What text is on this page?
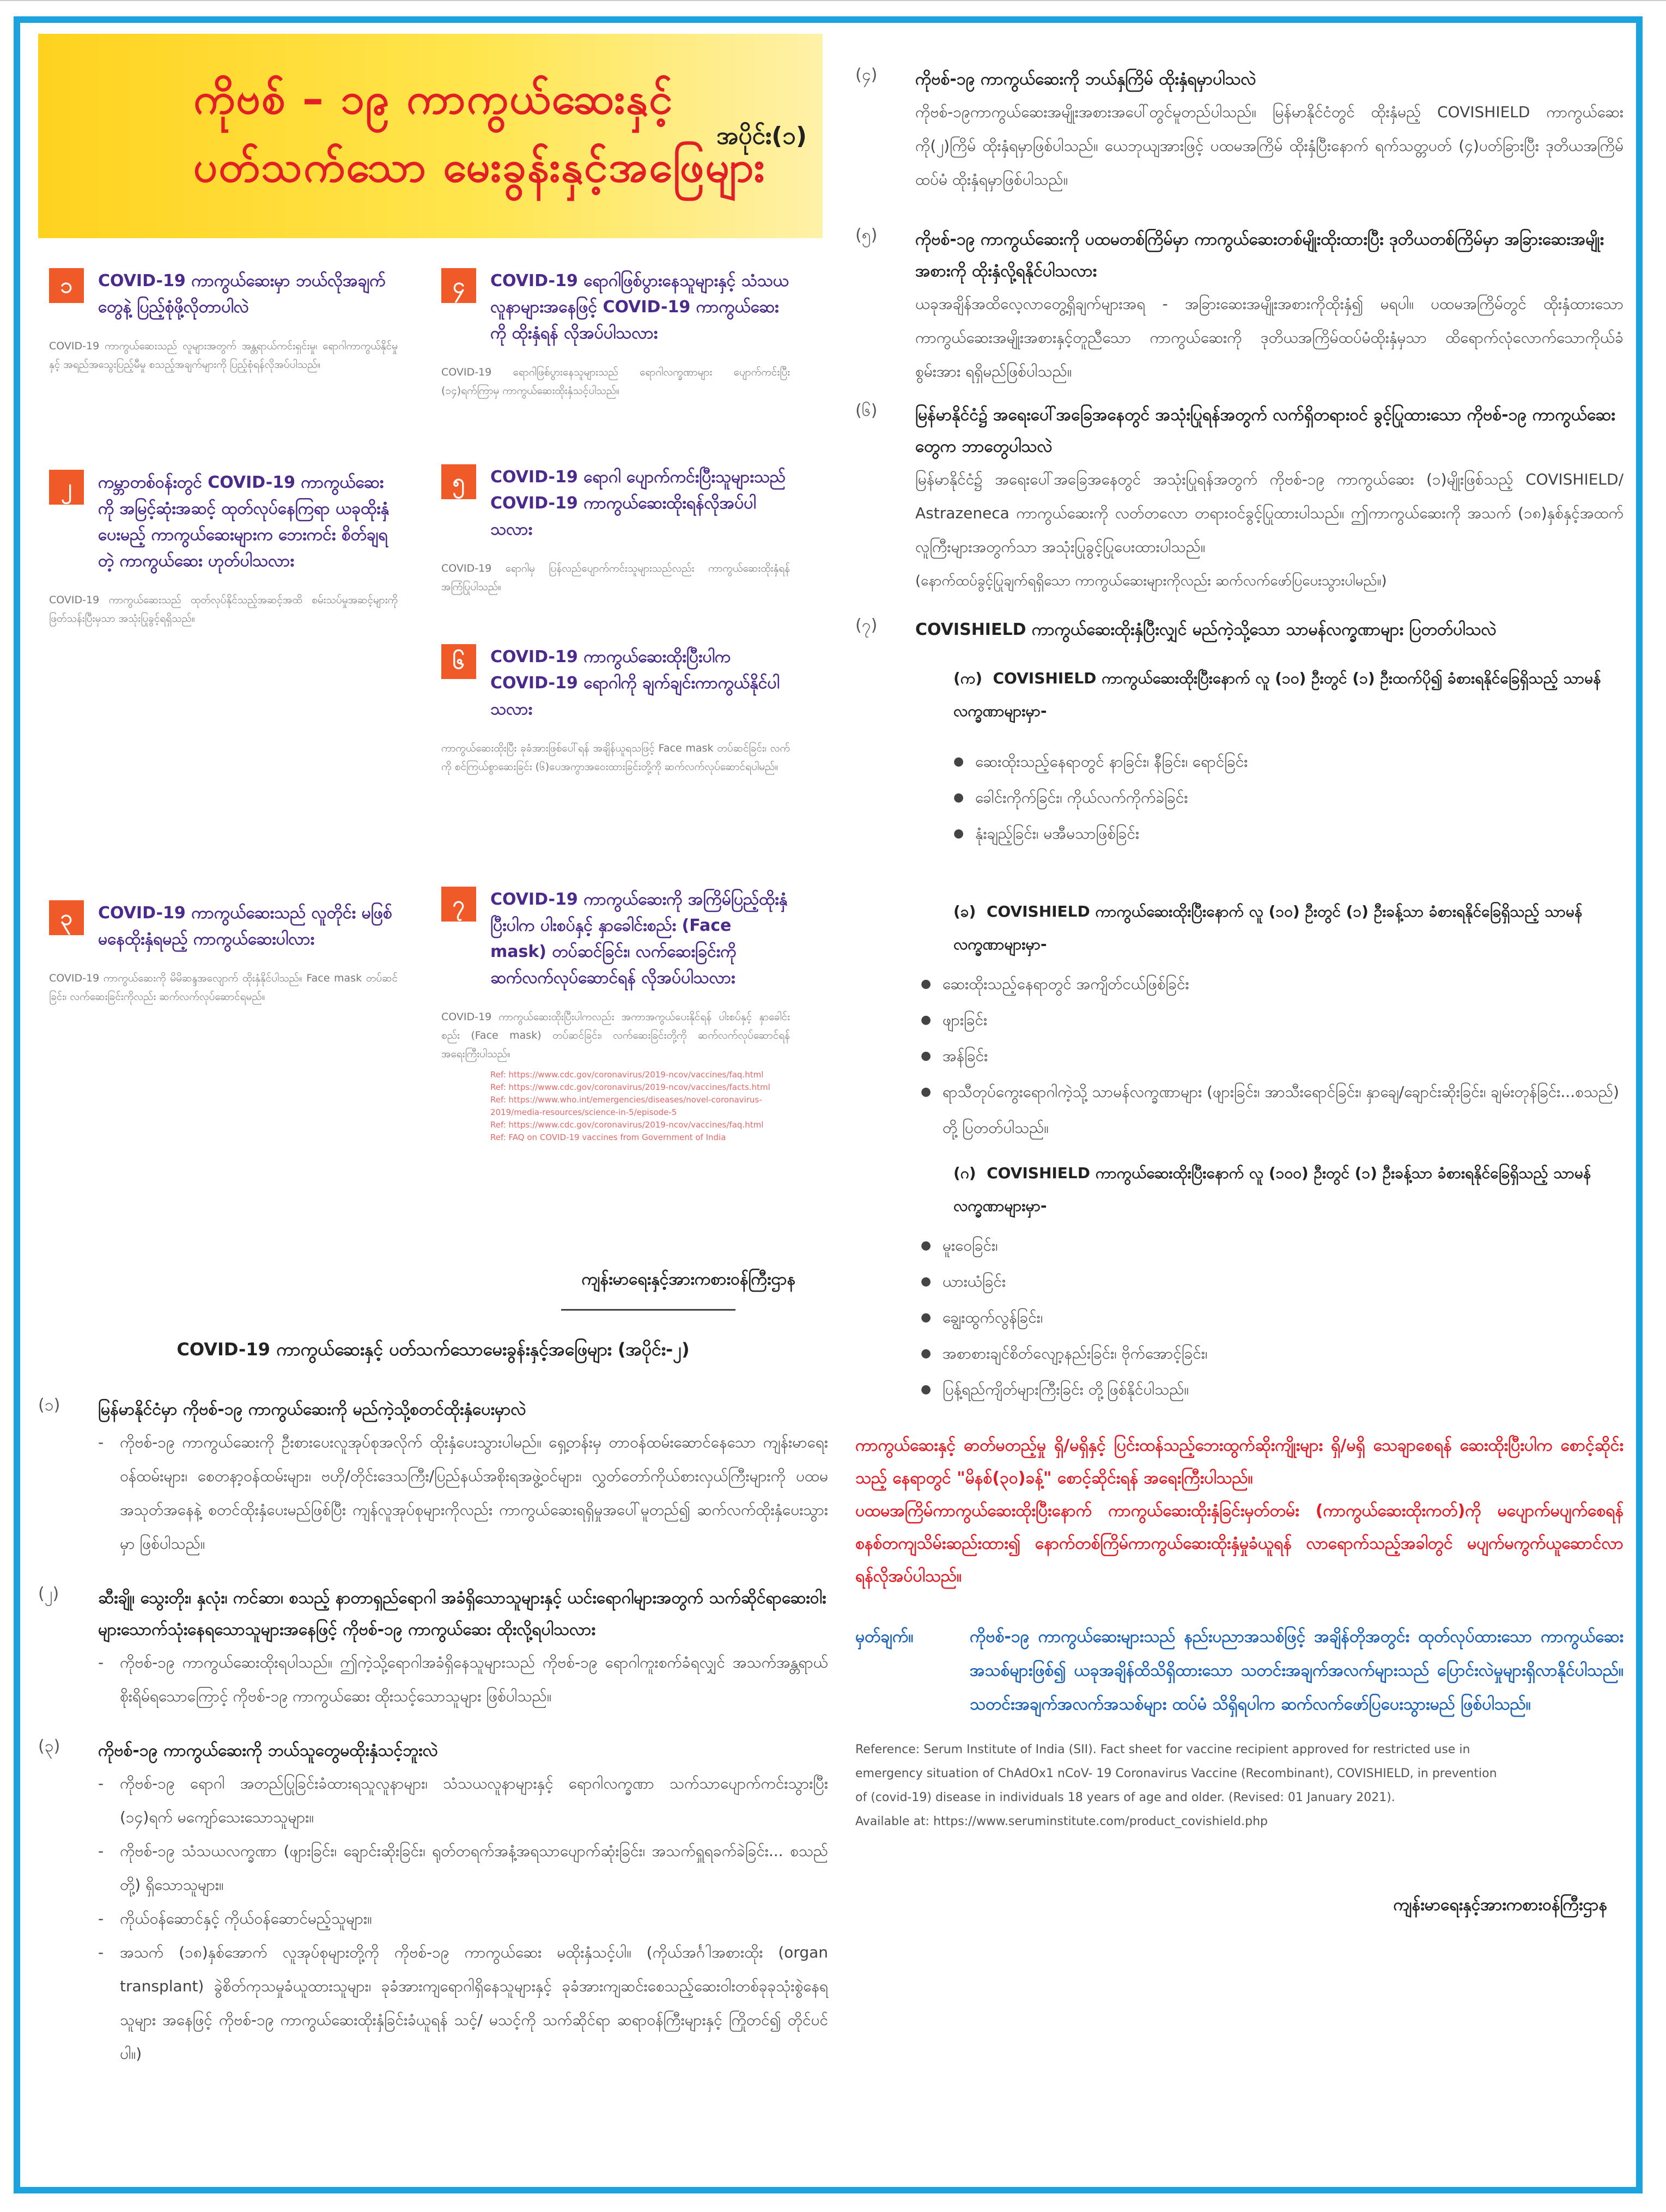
ကိုဗစ် – ၁၉ ကာကွယ်ဆေးနှင့်
ပတ်သက်သော မေးခွန်းနှင့်အဖြေများ
အပိုင်း(၁)
၁	COVID-19 ကာကွယ်ဆေးမှာ ဘယ်လိုအချက်တွေနဲ့ ပြည့်စုံဖို့လိုတာပါလဲ
COVID-19 ကာကွယ်ဆေးသည် လူများအတွက် အန္တရာယ်ကင်းရှင်းမှု၊ ရောဂါကာကွယ်နိုင်မှုနှင့် အရည်အသွေးပြည့်မီမှု စသည့်အချက်များကို ပြည့်စုံရန်လိုအပ်ပါသည်။
၂	ကမ္ဘာတစ်ဝန်းတွင် COVID-19 ကာကွယ်ဆေးကို အမြင့်ဆုံးအဆင့် ထုတ်လုပ်နေကြရာ ယခုထိုးနှံပေးမည့် ကာကွယ်ဆေးများက ဘေးကင်း စိတ်ချရတဲ့ ကာကွယ်ဆေး ဟုတ်ပါသလား
COVID-19 ကာကွယ်ဆေးသည် ထုတ်လုပ်နိုင်သည့်အဆင့်အထိ စမ်းသပ်မှုအဆင့်များကို ဖြတ်သန်းပြီးမှသာ အသုံးပြုခွင့်ရရှိသည်။
၃	COVID-19 ကာကွယ်ဆေးသည် လူတိုင်း မဖြစ်မနေထိုးနှံရမည့် ကာကွယ်ဆေးပါလား
COVID-19 ကာကွယ်ဆေးကို မိမိဆန္ဒအလျောက် ထိုးနှံနိုင်ပါသည်။ Face mask တပ်ဆင်ခြင်း၊ လက်ဆေးခြင်းကိုလည်း ဆက်လက်လုပ်ဆောင်ရမည်။
၄	COVID-19 ရောဂါဖြစ်ပွားနေသူများနှင့် သံသယ လူနာများအနေဖြင့် COVID-19 ကာကွယ်ဆေးကို ထိုးနှံရန် လိုအပ်ပါသလား
COVID-19 ရောဂါဖြစ်ပွားနေသူများသည် ရောဂါလက္ခဏာများ ပျောက်ကင်းပြီး (၁၄)ရက်ကြာမှ ကာကွယ်ဆေးထိုးနှံသင့်ပါသည်။
၅	COVID-19 ရောဂါ ပျောက်ကင်းပြီးသူများသည် COVID-19 ကာကွယ်ဆေးထိုးရန်လိုအပ်ပါသလား
COVID-19 ရောဂါမှ ပြန်လည်ပျောက်ကင်းသူများသည်လည်း ကာကွယ်ဆေးထိုးနှံရန် အကြံပြုပါသည်။
၆	COVID-19 ကာကွယ်ဆေးထိုးပြီးပါက COVID-19 ရောဂါကို ချက်ချင်းကာကွယ်နိုင်ပါသလား
ကာကွယ်ဆေးထိုးပြီး ခုခံအားဖြစ်ပေါ်ရန် အချိန်ယူရသဖြင့် Face mask တပ်ဆင်ခြင်း၊ လက်ကို စင်ကြယ်စွာဆေးခြင်း (၆)ပေအကွာအဝေးထားခြင်းတို့ကို ဆက်လက်လုပ်ဆောင်ရပါမည်။
၇	COVID-19 ကာကွယ်ဆေးကို အကြိမ်ပြည့်ထိုးနှံပြီးပါက ပါးစပ်နှင့် နှာခေါင်းစည်း (Face mask) တပ်ဆင်ခြင်း၊ လက်ဆေးခြင်းကို ဆက်လက်လုပ်ဆောင်ရန် လိုအပ်ပါသလား
COVID-19 ကာကွယ်ဆေးထိုးပြီးပါကလည်း အကာအကွယ်ပေးနိုင်ရန် ပါးစပ်နှင့် နှာခေါင်းစည်း (Face mask) တပ်ဆင်ခြင်း၊ လက်ဆေးခြင်းတို့ကို ဆက်လက်လုပ်ဆောင်ရန် အရေးကြီးပါသည်။
Ref: https://www.cdc.gov/coronavirus/2019-ncov/vaccines/faq.html
Ref: https://www.cdc.gov/coronavirus/2019-ncov/vaccines/facts.html
Ref: https://www.who.int/emergencies/diseases/novel-coronavirus-2019/media-resources/science-in-5/episode-5
Ref: https://www.cdc.gov/coronavirus/2019-ncov/vaccines/faq.html
Ref: FAQ on COVID-19 vaccines from Government of India
ကျန်းမာရေးနှင့်အားကစားဝန်ကြီးဌာန
COVID-19 ကာကွယ်ဆေးနှင့် ပတ်သက်သောမေးခွန်းနှင့်အဖြေများ (အပိုင်း-၂)
(၁) မြန်မာနိုင်ငံမှာ ကိုဗစ်-၁၉ ကာကွယ်ဆေးကို မည်ကဲ့သို့စတင်ထိုးနှံပေးမှာလဲ
- ကိုဗစ်-၁၉ ကာကွယ်ဆေးကို ဦးစားပေးလူအုပ်စုအလိုက် ထိုးနှံပေးသွားပါမည်။ ရှေ့တန်းမှ တာဝန်ထမ်းဆောင်နေသော ကျန်းမာရေးဝန်ထမ်းများ၊ စေတနာ့ဝန်ထမ်းများ၊ ဗဟို/တိုင်းဒေသကြီး/ပြည်နယ်အစိုးရအဖွဲ့ဝင်များ၊ လွှတ်တော်ကိုယ်စားလှယ်ကြီးများကို ပထမအသုတ်အနေနဲ့ စတင်ထိုးနှံပေးမည်ဖြစ်ပြီး ကျန်လူအုပ်စုများကိုလည်း ကာကွယ်ဆေးရရှိမှုအပေါ်မူတည်၍ ဆက်လက်ထိုးနှံပေးသွားမှာ ဖြစ်ပါသည်။
(၂) ဆီးချို၊ သွေးတိုး၊ နှလုံး၊ ကင်ဆာ၊ စသည့် နာတာရှည်ရောဂါ အခံရှိသောသူများနှင့် ယင်းရောဂါများအတွက် သက်ဆိုင်ရာဆေးဝါးများသောက်သုံးနေရသောသူများအနေဖြင့် ကိုဗစ်-၁၉ ကာကွယ်ဆေး ထိုးလို့ရပါသလား
- ကိုဗစ်-၁၉ ကာကွယ်ဆေးထိုးရပါသည်။ ဤကဲ့သို့ရောဂါအခံရှိနေသူများသည် ကိုဗစ်-၁၉ ရောဂါကူးစက်ခံရလျှင် အသက်အန္တရာယ်စိုးရိမ်ရသောကြောင့် ကိုဗစ်-၁၉ ကာကွယ်ဆေး ထိုးသင့်သောသူများ ဖြစ်ပါသည်။
(၃) ကိုဗစ်-၁၉ ကာကွယ်ဆေးကို ဘယ်သူတွေမထိုးနှံသင့်ဘူးလဲ
- ကိုဗစ်-၁၉ ရောဂါ အတည်ပြုခြင်းခံထားရသူလူနာများ၊ သံသယလူနာများနှင့် ရောဂါလက္ခဏာ သက်သာပျောက်ကင်းသွားပြီး (၁၄)ရက် မကျော်သေးသောသူများ။
- ကိုဗစ်-၁၉ သံသယလက္ခဏာ (ဖျားခြင်း၊ ချောင်းဆိုးခြင်း၊ ရုတ်တရက်အနံ့အရသာပျောက်ဆုံးခြင်း၊ အသက်ရှူရခက်ခဲခြင်း... စသည်တို့) ရှိသောသူများ။
- ကိုယ်ဝန်ဆောင်နှင့် ကိုယ်ဝန်ဆောင်မည့်သူများ။
- အသက် (၁၈)နှစ်အောက် လူအုပ်စုများတို့ကို ကိုဗစ်-၁၉ ကာကွယ်ဆေး မထိုးနှံသင့်ပါ။ (ကိုယ်အင်္ဂါအစားထိုး (organ transplant) ခွဲစိတ်ကုသမှုခံယူထားသူများ၊ ခုခံအားကျရောဂါရှိနေသူများနှင့် ခုခံအားကျဆင်းစေသည့်ဆေးဝါးတစ်ခုခုသုံးစွဲနေရသူများ အနေဖြင့် ကိုဗစ်-၁၉ ကာကွယ်ဆေးထိုးနှံခြင်းခံယူရန် သင့်/ မသင့်ကို သက်ဆိုင်ရာ ဆရာဝန်ကြီးများနှင့် ကြိုတင်၍ တိုင်ပင်ပါ။)
(၄) ကိုဗစ်-၁၉ ကာကွယ်ဆေးကို ဘယ်နှကြိမ် ထိုးနှံရမှာပါသလဲ
ကိုဗစ်-၁၉ကာကွယ်ဆေးအမျိုးအစားအပေါ်တွင်မူတည်ပါသည်။ မြန်မာနိုင်ငံတွင် ထိုးနှံမည့် COVISHIELD ကာကွယ်ဆေးကို(၂)ကြိမ် ထိုးနှံရမှာဖြစ်ပါသည်။ ယေဘုယျအားဖြင့် ပထမအကြိမ် ထိုးနှံပြီးနောက် ရက်သတ္တပတ် (၄)ပတ်ခြားပြီး ဒုတိယအကြိမ် ထပ်မံ ထိုးနှံရမှာဖြစ်ပါသည်။
(၅) ကိုဗစ်-၁၉ ကာကွယ်ဆေးကို ပထမတစ်ကြိမ်မှာ ကာကွယ်ဆေးတစ်မျိုးထိုးထားပြီး ဒုတိယတစ်ကြိမ်မှာ အခြားဆေးအမျိုးအစားကို ထိုးနှံလို့ရနိုင်ပါသလား
ယခုအချိန်အထိလေ့လာတွေ့ရှိချက်များအရ - အခြားဆေးအမျိုးအစားကိုထိုးနှံ၍ မရပါ။ ပထမအကြိမ်တွင် ထိုးနှံထားသော ကာကွယ်ဆေးအမျိုးအစားနှင့်တူညီသော ကာကွယ်ဆေးကို ဒုတိယအကြိမ်ထပ်မံထိုးနှံမှသာ ထိရောက်လုံလောက်သောကိုယ်ခံစွမ်းအား ရရှိမည်ဖြစ်ပါသည်။
(၆) မြန်မာနိုင်ငံ၌ အရေးပေါ်အခြေအနေတွင် အသုံးပြုရန်အတွက် လက်ရှိတရားဝင် ခွင့်ပြုထားသော ကိုဗစ်-၁၉ ကာကွယ်ဆေးတွေက ဘာတွေပါသလဲ
မြန်မာနိုင်ငံ၌ အရေးပေါ်အခြေအနေတွင် အသုံးပြုရန်အတွက် ကိုဗစ်-၁၉ ကာကွယ်ဆေး (၁)မျိုးဖြစ်သည့် COVISHIELD/ Astrazeneca ကာကွယ်ဆေးကို လတ်တလော တရားဝင်ခွင့်ပြုထားပါသည်။ ဤကာကွယ်ဆေးကို အသက် (၁၈)နှစ်နှင့်အထက် လူကြီးများအတွက်သာ အသုံးပြုခွင့်ပြုပေးထားပါသည်။
(နောက်ထပ်ခွင့်ပြုချက်ရရှိသော ကာကွယ်ဆေးများကိုလည်း ဆက်လက်ဖော်ပြပေးသွားပါမည်။)
(၇) COVISHIELD ကာကွယ်ဆေးထိုးနှံပြီးလျှင် မည်ကဲ့သို့သော သာမန်လက္ခဏာများ ပြတတ်ပါသလဲ
(က) COVISHIELD ကာကွယ်ဆေးထိုးပြီးနောက် လူ (၁၀) ဦးတွင် (၁) ဦးထက်ပို၍ ခံစားရနိုင်ခြေရှိသည့် သာမန်လက္ခဏာများမှာ-
● ဆေးထိုးသည့်နေရာတွင် နာခြင်း၊ နီခြင်း၊ ရောင်ခြင်း
● ခေါင်းကိုက်ခြင်း၊ ကိုယ်လက်ကိုက်ခဲခြင်း
● နုံးချည့်ခြင်း၊ မအီမသာဖြစ်ခြင်း
(ခ) COVISHIELD ကာကွယ်ဆေးထိုးပြီးနောက် လူ (၁၀) ဦးတွင် (၁) ဦးခန့်သာ ခံစားရနိုင်ခြေရှိသည့် သာမန်လက္ခဏာများမှာ-
● ဆေးထိုးသည့်နေရာတွင် အကျိတ်ငယ်ဖြစ်ခြင်း
● ဖျားခြင်း
● အန်ခြင်း
● ရာသီတုပ်ကွေးရောဂါကဲ့သို့ သာမန်လက္ခဏာများ (ဖျားခြင်း၊ အာသီးရောင်ခြင်း၊ နှာချေ/ချောင်းဆိုးခြင်း၊ ချမ်းတုန်ခြင်း...စသည်) တို့ ပြတတ်ပါသည်။
(ဂ) COVISHIELD ကာကွယ်ဆေးထိုးပြီးနောက် လူ (၁၀၀) ဦးတွင် (၁) ဦးခန့်သာ ခံစားရနိုင်ခြေရှိသည့် သာမန်လက္ခဏာများမှာ-
● မူးဝေခြင်း၊
● ယားယံခြင်း
● ချွေးထွက်လွန်ခြင်း၊
● အစာစားချင်စိတ်လျော့နည်းခြင်း၊ ဗိုက်အောင့်ခြင်း၊
● ပြန့်ရည်ကျိတ်များကြီးခြင်း တို့ဖြစ်နိုင်ပါသည်။
ကာကွယ်ဆေးနှင့် ဓာတ်မတည့်မှု ရှိ/မရှိနှင့် ပြင်းထန်သည့်ဘေးထွက်ဆိုးကျိုးများ ရှိ/မရှိ သေချာစေရန် ဆေးထိုးပြီးပါက စောင့်ဆိုင်းသည့် နေရာတွင် "မိနစ်(၃၀)ခန့်" စောင့်ဆိုင်းရန် အရေးကြီးပါသည်။
ပထမအကြိမ်ကာကွယ်ဆေးထိုးပြီးနောက် ကာကွယ်ဆေးထိုးနှံခြင်းမှတ်တမ်း (ကာကွယ်ဆေးထိုးကတ်)ကို မပျောက်မပျက်စေရန် စနစ်တကျသိမ်းဆည်းထား၍ နောက်တစ်ကြိမ်ကာကွယ်ဆေးထိုးနှံမှုခံယူရန် လာရောက်သည့်အခါတွင် မပျက်မကွက်ယူဆောင်လာရန်လိုအပ်ပါသည်။
မှတ်ချက်။	ကိုဗစ်-၁၉ ကာကွယ်ဆေးများသည် နည်းပညာအသစ်ဖြင့် အချိန်တိုအတွင်း ထုတ်လုပ်ထားသော ကာကွယ်ဆေးအသစ်များဖြစ်၍ ယခုအချိန်ထိသိရှိထားသော သတင်းအချက်အလက်များသည် ပြောင်းလဲမှုများရှိလာနိုင်ပါသည်။ သတင်းအချက်အလက်အသစ်များ ထပ်မံ သိရှိရပါက ဆက်လက်ဖော်ပြပေးသွားမည် ဖြစ်ပါသည်။
Reference: Serum Institute of India (SII). Fact sheet for vaccine recipient approved for restricted use in
emergency situation of ChAdOx1 nCoV- 19 Coronavirus Vaccine (Recombinant), COVISHIELD, in prevention
of (covid-19) disease in individuals 18 years of age and older. (Revised: 01 January 2021).
Available at: https://www.seruminstitute.com/product_covishield.php
ကျန်းမာရေးနှင့်အားကစားဝန်ကြီးဌာန
